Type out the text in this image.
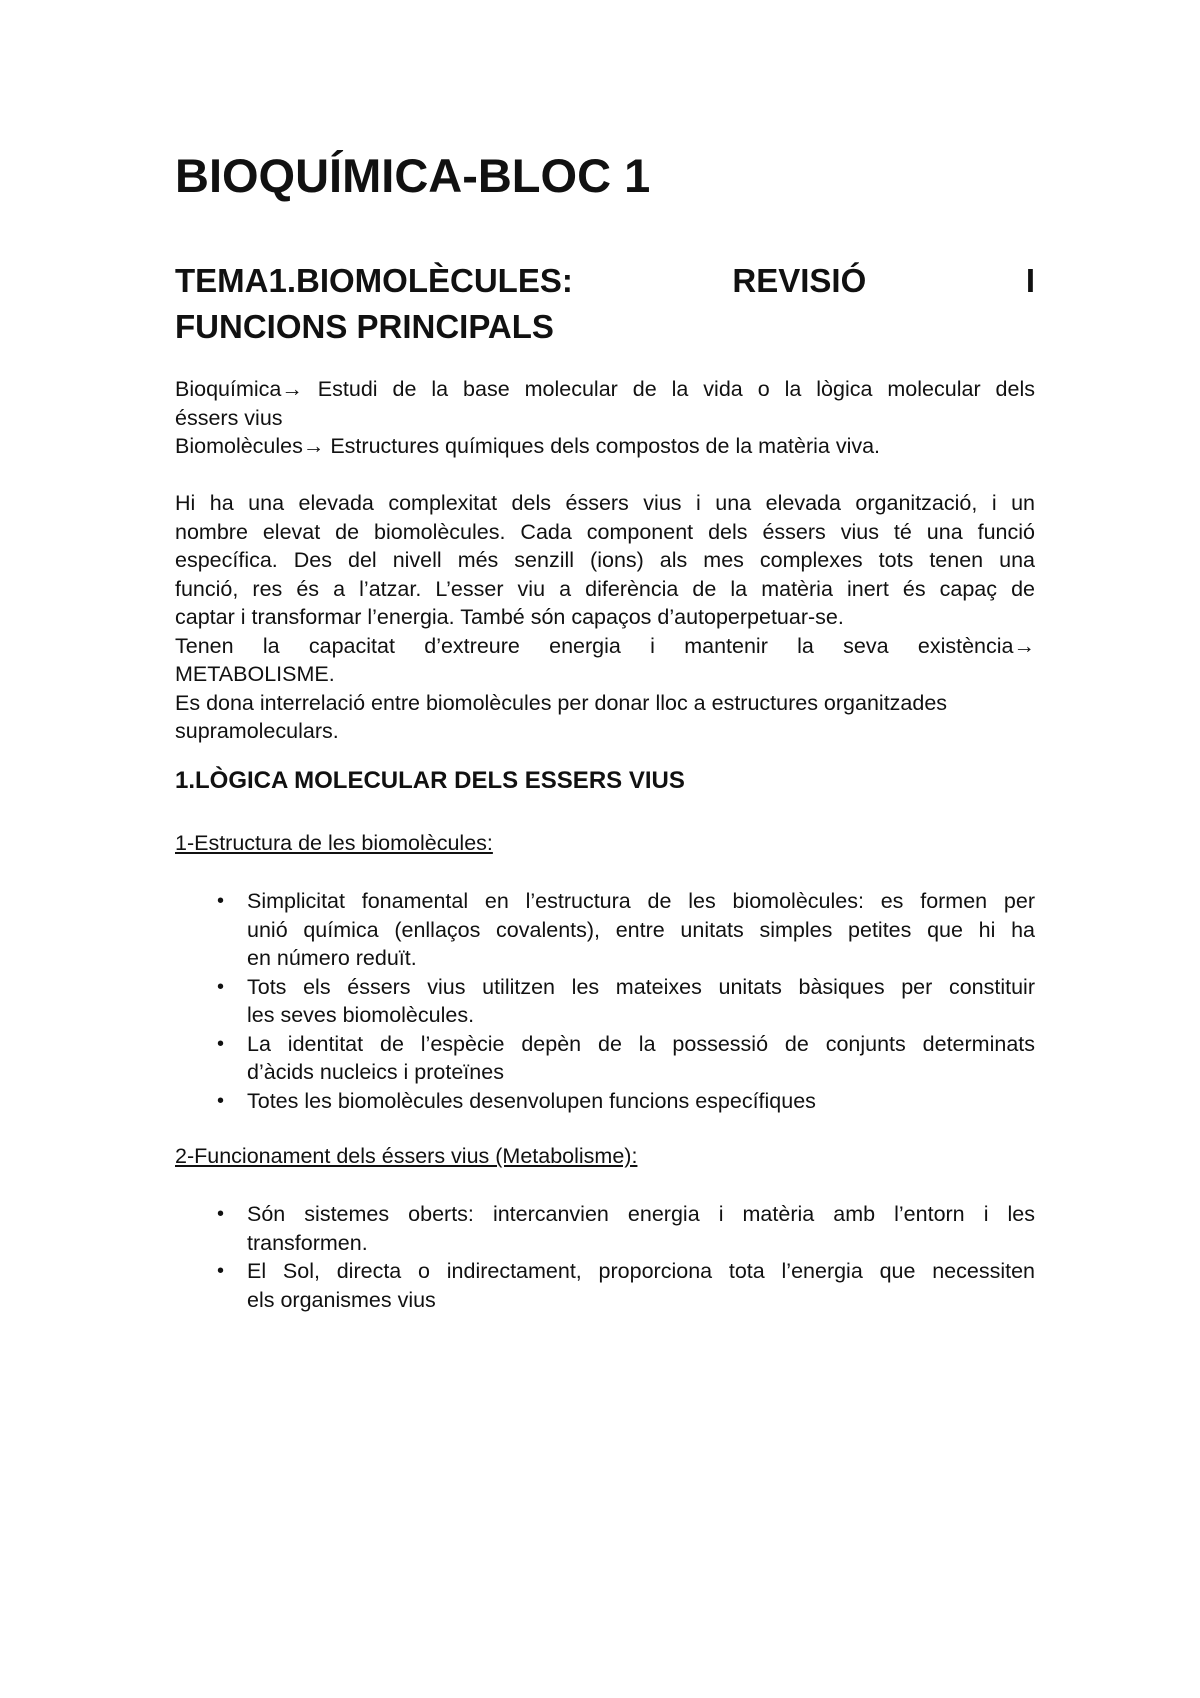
BIOQUÍMICA-BLOC 1
TEMA1.BIOMOLÈCULES:	REVISIÓ	I
FUNCIONS PRINCIPALS

Bioquímica→ Estudi de la base molecular de la vida o la lògica molecular dels

éssers vius

Biomolècules→ Estructures químiques dels compostos de la matèria viva.

Hi ha una elevada complexitat dels éssers vius i una elevada organització, i un

nombre elevat de biomolècules. Cada component dels éssers vius té una funció

específica. Des del nivell més senzill (ions) als mes complexes tots tenen una

funció, res és a l’atzar. L’esser viu a diferència de la matèria inert és capaç de

captar i transformar l’energia. També són capaços d’autoperpetuar-se.

Tenen la capacitat d’extreure energia i mantenir la seva existència→

METABOLISME.

Es dona interrelació entre biomolècules per donar lloc a estructures organitzades

supramoleculars.

1.LÒGICA MOLECULAR DELS ESSERS VIUS

1-Estructura de les biomolècules:

• Simplicitat fonamental en l’estructura de les biomolècules: es formen per
unió química (enllaços covalents), entre unitats simples petites que hi ha
en número reduït.
• Tots els éssers vius utilitzen les mateixes unitats bàsiques per constituir
les seves biomolècules.
• La identitat de l’espècie depèn de la possessió de conjunts determinats
d’àcids nucleics i proteïnes
• Totes les biomolècules desenvolupen funcions específiques

2-Funcionament dels éssers vius (Metabolisme):

• Són sistemes oberts: intercanvien energia i matèria amb l’entorn i les
transformen.
• El Sol, directa o indirectament, proporciona tota l’energia que necessiten
els organismes vius
